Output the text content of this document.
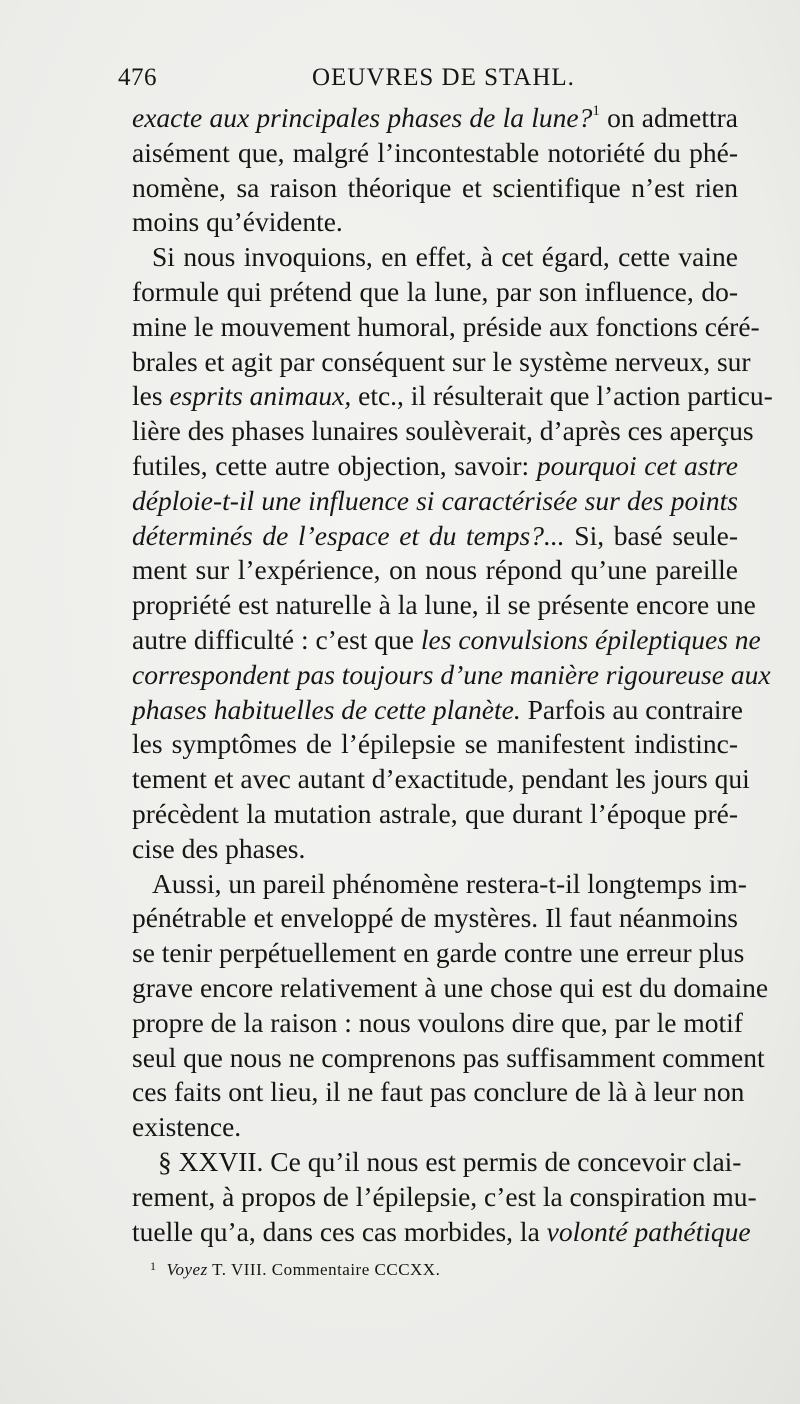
476	OEUVRES DE STAHL.
exacte aux principales phases de la lune?$^1$ on admettra
aisément que, malgré l’incontestable notoriété du phé-
nomène, sa raison théorique et scientifique n’est rien
moins qu’évidente.
Si nous invoquions, en effet, à cet égard, cette vaine
formule qui prétend que la lune, par son influence, do-
mine le mouvement humoral, préside aux fonctions céré-
brales et agit par conséquent sur le système nerveux, sur
les esprits animaux, etc., il résulterait que l’action particu-
lière des phases lunaires soulèverait, d’après ces aperçus
futiles, cette autre objection, savoir: pourquoi cet astre
déploie-t-il une influence si caractérisée sur des points
déterminés de l’espace et du temps?... Si, basé seule-
ment sur l’expérience, on nous répond qu’une pareille
propriété est naturelle à la lune, il se présente encore une
autre difficulté : c’est que les convulsions épileptiques ne
correspondent pas toujours d’une manière rigoureuse aux
phases habituelles de cette planète. Parfois au contraire
les symptômes de l’épilepsie se manifestent indistinc-
tement et avec autant d’exactitude, pendant les jours qui
précèdent la mutation astrale, que durant l’époque pré-
cise des phases.
Aussi, un pareil phénomène restera-t-il longtemps im-
pénétrable et enveloppé de mystères. Il faut néanmoins
se tenir perpétuellement en garde contre une erreur plus
grave encore relativement à une chose qui est du domaine
propre de la raison : nous voulons dire que, par le motif
seul que nous ne comprenons pas suffisamment comment
ces faits ont lieu, il ne faut pas conclure de là à leur non
existence.
§ XXVII. Ce qu’il nous est permis de concevoir clai-
rement, à propos de l’épilepsie, c’est la conspiration mu-
tuelle qu’a, dans ces cas morbides, la volonté pathétique
$^1$ Voyez T. VIII. Commentaire CCCXX.
